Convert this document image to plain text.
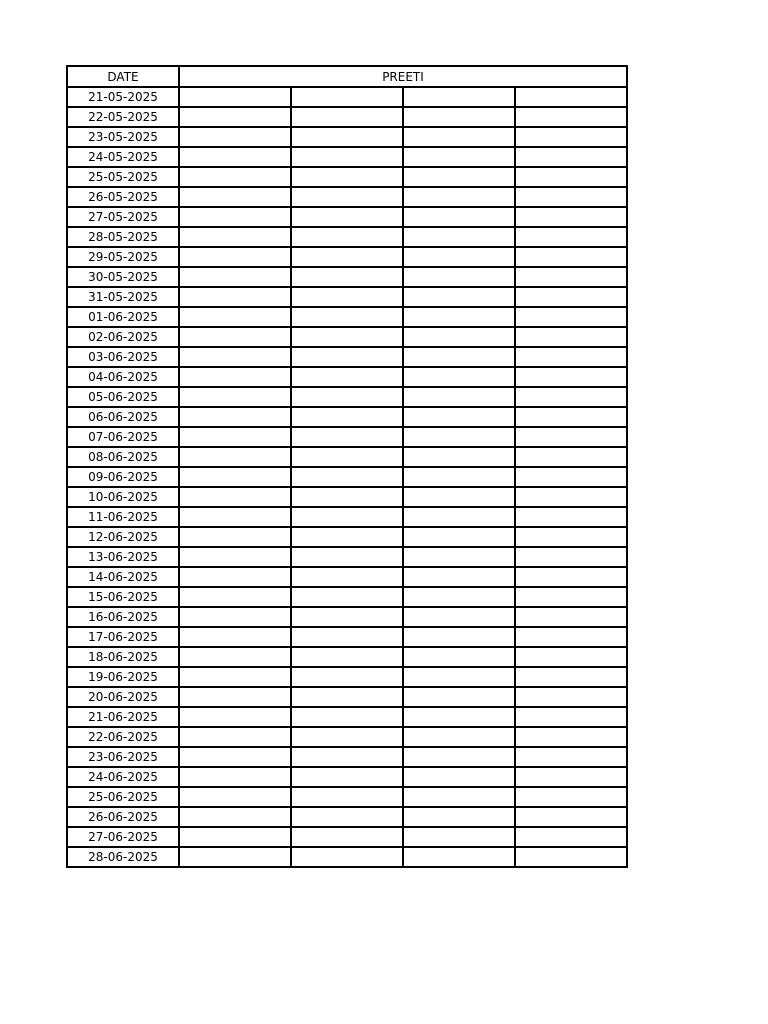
DATE	PREETI			
21-05-2025				
22-05-2025				
23-05-2025				
24-05-2025				
25-05-2025				
26-05-2025				
27-05-2025				
28-05-2025				
29-05-2025				
30-05-2025				
31-05-2025				
01-06-2025				
02-06-2025				
03-06-2025				
04-06-2025				
05-06-2025				
06-06-2025				
07-06-2025				
08-06-2025				
09-06-2025				
10-06-2025				
11-06-2025				
12-06-2025				
13-06-2025				
14-06-2025				
15-06-2025				
16-06-2025				
17-06-2025				
18-06-2025				
19-06-2025				
20-06-2025				
21-06-2025				
22-06-2025				
23-06-2025				
24-06-2025				
25-06-2025				
26-06-2025				
27-06-2025				
28-06-2025				
